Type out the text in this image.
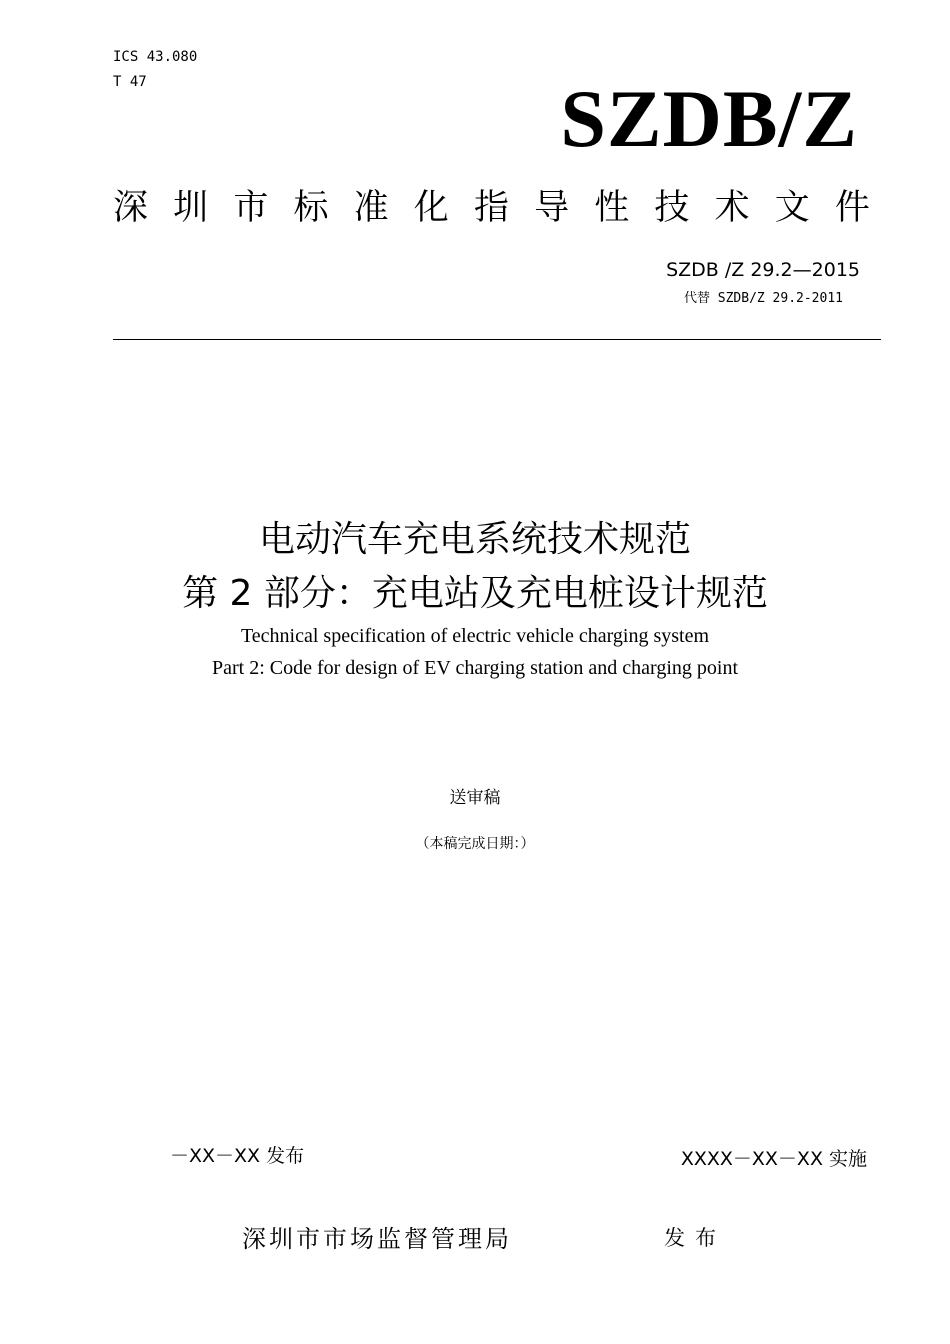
ICS 43.080
T 47	SZDB/Z
深 圳 市 标 准 化 指 导 性 技 术 文 件
SZDB /Z 29.2—2015
代替 SZDB/Z 29.2-2011
电动汽车充电系统技术规范
第 2 部分：充电站及充电桩设计规范
Technical specification of electric vehicle charging system
Part 2: Code for design of EV charging station and charging point
送审稿
（本稿完成日期：）
－XX－XX 发布	XXXX－XX－XX 实施
深圳市市场监督管理局	发布
